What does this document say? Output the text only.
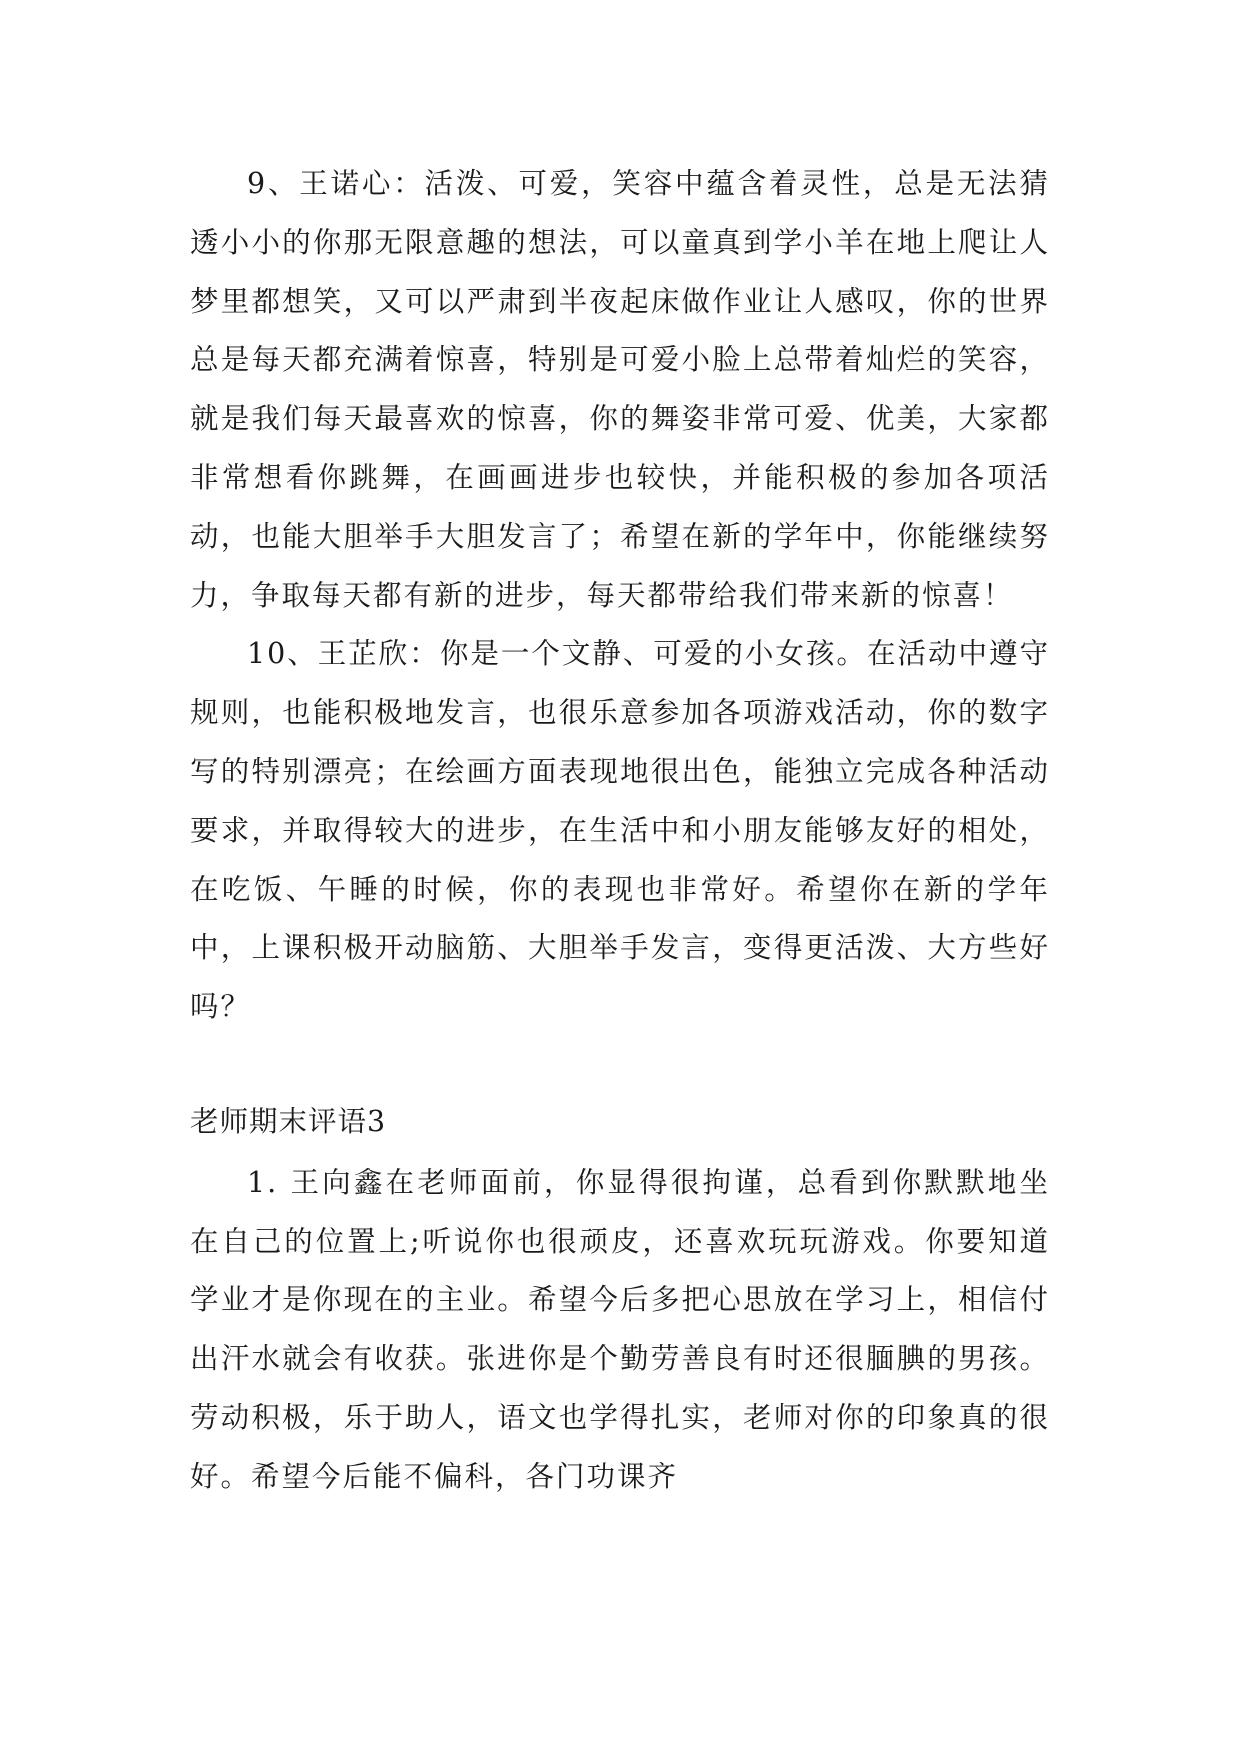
9、王诺心：活泼、可爱，笑容中蕴含着灵性，总是无法猜透小小的你那无限意趣的想法，可以童真到学小羊在地上爬让人梦里都想笑，又可以严肃到半夜起床做作业让人感叹，你的世界总是每天都充满着惊喜，特别是可爱小脸上总带着灿烂的笑容，就是我们每天最喜欢的惊喜，你的舞姿非常可爱、优美，大家都非常想看你跳舞，在画画进步也较快，并能积极的参加各项活动，也能大胆举手大胆发言了；希望在新的学年中，你能继续努力，争取每天都有新的进步，每天都带给我们带来新的惊喜！

10、王芷欣：你是一个文静、可爱的小女孩。在活动中遵守规则，也能积极地发言，也很乐意参加各项游戏活动，你的数字写的特别漂亮；在绘画方面表现地很出色，能独立完成各种活动要求，并取得较大的进步，在生活中和小朋友能够友好的相处，在吃饭、午睡的时候，你的表现也非常好。希望你在新的学年中，上课积极开动脑筋、大胆举手发言，变得更活泼、大方些好吗？

老师期末评语3

1. 王向鑫在老师面前，你显得很拘谨，总看到你默默地坐在自己的位置上;听说你也很顽皮，还喜欢玩玩游戏。你要知道学业才是你现在的主业。希望今后多把心思放在学习上，相信付出汗水就会有收获。张进你是个勤劳善良有时还很腼腆的男孩。劳动积极，乐于助人，语文也学得扎实，老师对你的印象真的很好。希望今后能不偏科，各门功课齐
